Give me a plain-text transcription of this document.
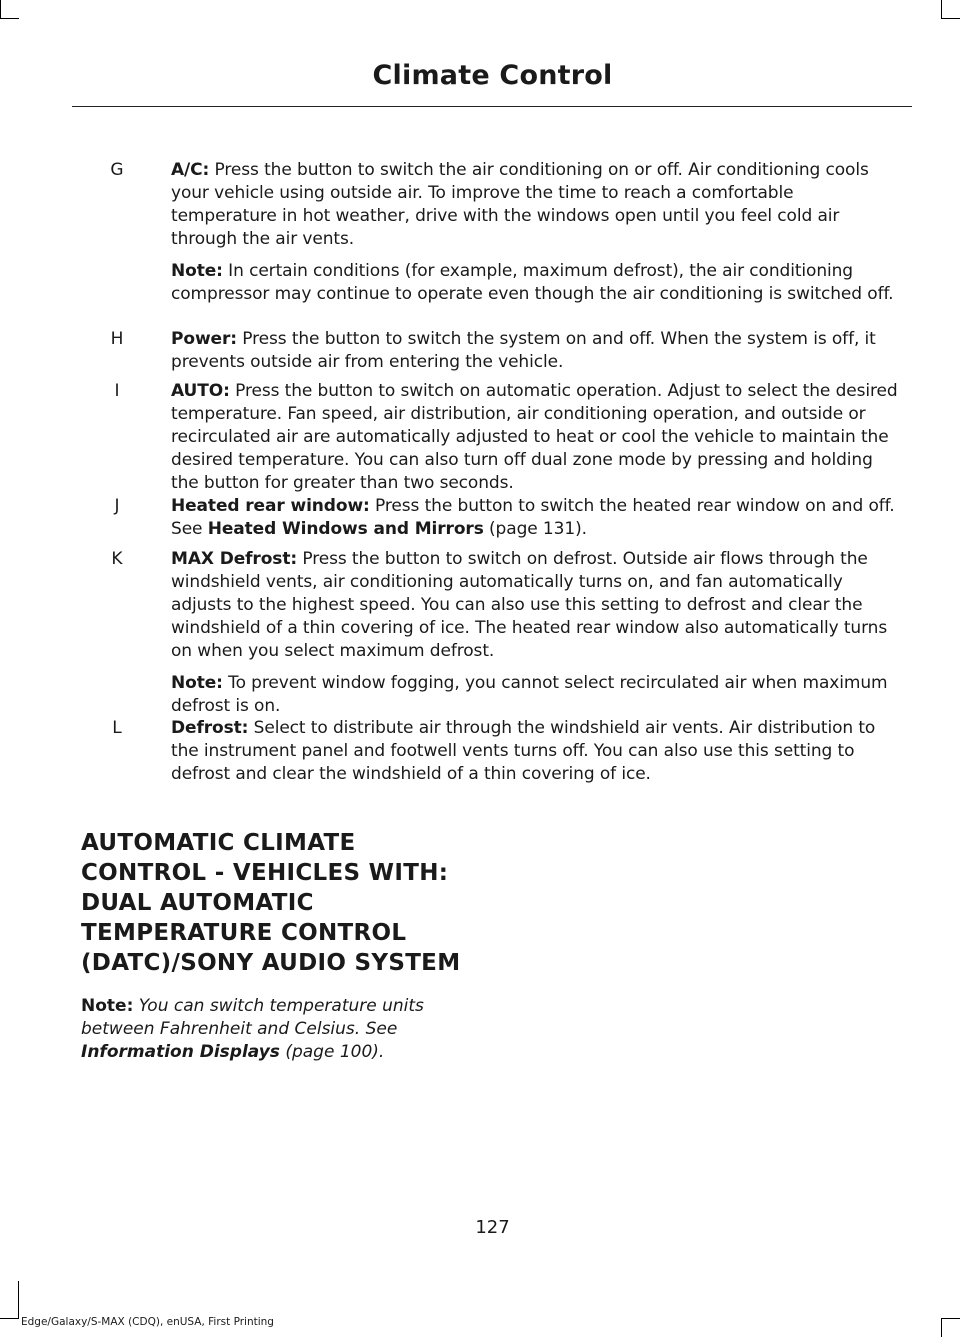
Climate Control
G	A/C: Press the button to switch the air conditioning on or off. Air conditioning cools your vehicle using outside air. To improve the time to reach a comfortable temperature in hot weather, drive with the windows open until you feel cold air through the air vents.
Note: In certain conditions (for example, maximum defrost), the air conditioning compressor may continue to operate even though the air conditioning is switched off.
H	Power: Press the button to switch the system on and off. When the system is off, it prevents outside air from entering the vehicle.
I	AUTO: Press the button to switch on automatic operation. Adjust to select the desired temperature. Fan speed, air distribution, air conditioning operation, and outside or recirculated air are automatically adjusted to heat or cool the vehicle to maintain the desired temperature. You can also turn off dual zone mode by pressing and holding the button for greater than two seconds.
J	Heated rear window: Press the button to switch the heated rear window on and off. See Heated Windows and Mirrors (page 131).
K	MAX Defrost: Press the button to switch on defrost. Outside air flows through the windshield vents, air conditioning automatically turns on, and fan automatically adjusts to the highest speed. You can also use this setting to defrost and clear the windshield of a thin covering of ice. The heated rear window also automatically turns on when you select maximum defrost.
Note: To prevent window fogging, you cannot select recirculated air when maximum defrost is on.
L	Defrost: Select to distribute air through the windshield air vents. Air distribution to the instrument panel and footwell vents turns off. You can also use this setting to defrost and clear the windshield of a thin covering of ice.
AUTOMATIC CLIMATE
CONTROL - VEHICLES WITH:
DUAL AUTOMATIC
TEMPERATURE CONTROL
(DATC)/SONY AUDIO SYSTEM
Note: You can switch temperature units between Fahrenheit and Celsius. See Information Displays (page 100).
127
Edge/Galaxy/S-MAX (CDQ), enUSA, First Printing
